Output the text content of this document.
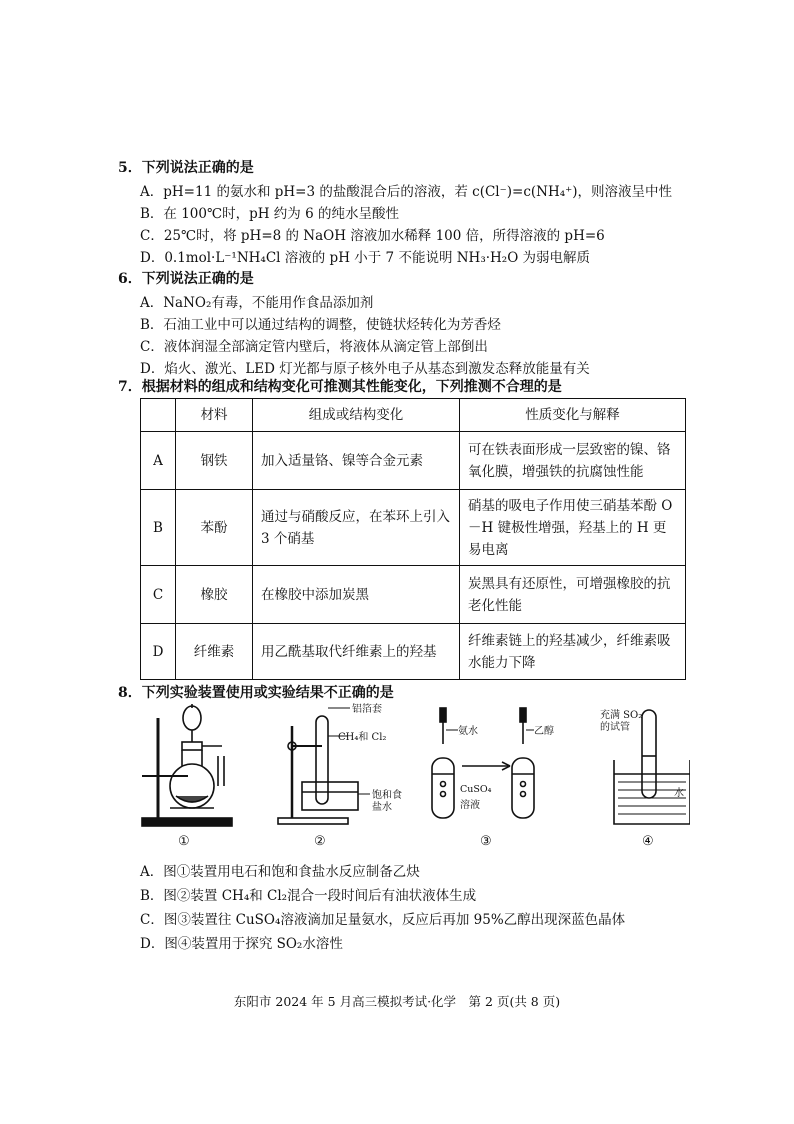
5．下列说法正确的是
A．pH=11 的氨水和 pH=3 的盐酸混合后的溶液，若 c(Cl⁻)=c(NH₄⁺)，则溶液呈中性
B．在 100℃时，pH 约为 6 的纯水呈酸性
C．25℃时，将 pH=8 的 NaOH 溶液加水稀释 100 倍，所得溶液的 pH=6
D．0.1mol·L⁻¹NH₄Cl 溶液的 pH 小于 7 不能说明 NH₃·H₂O 为弱电解质
6．下列说法正确的是
A．NaNO₂有毒，不能用作食品添加剂
B．石油工业中可以通过结构的调整，使链状烃转化为芳香烃
C．液体润湿全部滴定管内壁后，将液体从滴定管上部倒出
D．焰火、激光、LED 灯光都与原子核外电子从基态到激发态释放能量有关
7．根据材料的组成和结构变化可推测其性能变化，下列推测不合理的是
	材料	组成或结构变化	性质变化与解释
A	钢铁	加入适量铬、镍等合金元素	可在铁表面形成一层致密的镍、铬氧化膜，增强铁的抗腐蚀性能
B	苯酚	通过与硝酸反应，在苯环上引入 3 个硝基	硝基的吸电子作用使三硝基苯酚 O－H 键极性增强，羟基上的 H 更易电离
C	橡胶	在橡胶中添加炭黑	炭黑具有还原性，可增强橡胶的抗老化性能
D	纤维素	用乙酰基取代纤维素上的羟基	纤维素链上的羟基减少，纤维素吸水能力下降
8．下列实验装置使用或实验结果不正确的是
铝箔套
CH₄和 Cl₂
饱和食
盐水
氨水	乙醇
CuSO₄
溶液
充满 SO₂
的试管
水
①	②	③	④
A．图①装置用电石和饱和食盐水反应制备乙炔
B．图②装置 CH₄和 Cl₂混合一段时间后有油状液体生成
C．图③装置往 CuSO₄溶液滴加足量氨水，反应后再加 95%乙醇出现深蓝色晶体
D．图④装置用于探究 SO₂水溶性
东阳市 2024 年 5 月高三模拟考试·化学　第 2 页(共 8 页)
